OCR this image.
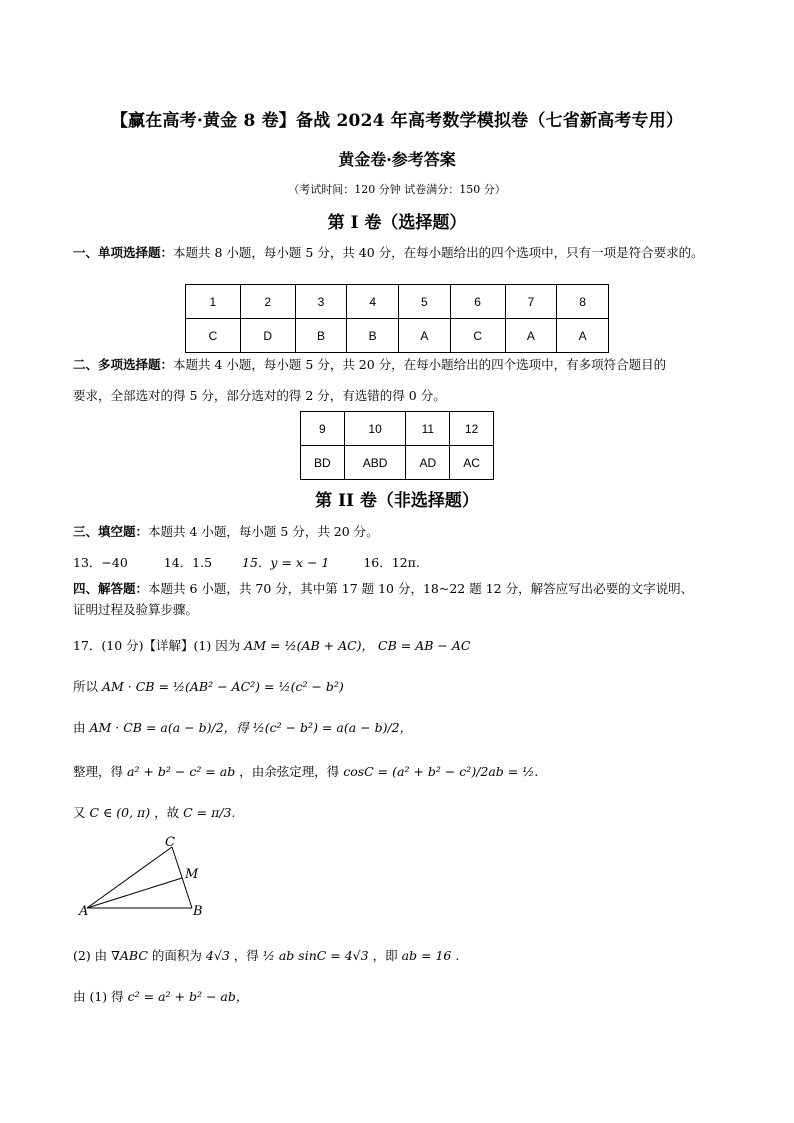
【赢在高考·黄金 8 卷】备战 2024 年高考数学模拟卷（七省新高考专用）
黄金卷·参考答案
（考试时间：120 分钟 试卷满分：150 分）
第 I 卷（选择题）
一、单项选择题：本题共 8 小题，每小题 5 分，共 40 分，在每小题给出的四个选项中，只有一项是符合要求的。
1	2	3	4	5	6	7	8
C	D	B	B	A	C	A	A
二、多项选择题：本题共 4 小题，每小题 5 分，共 20 分，在每小题给出的四个选项中，有多项符合题目的
要求，全部选对的得 5 分，部分选对的得 2 分，有选错的得 0 分。
9	10	11	12
BD	ABD	AD	AC
第 II 卷（非选择题）
三、填空题：本题共 4 小题，每小题 5 分，共 20 分。
13．−40	14．1.5 15．y = x − 1	16．12π.
四、解答题：本题共 6 小题，共 70 分，其中第 17 题 10 分，18~22 题 12 分，解答应写出必要的文字说明、
证明过程及验算步骤。
17．(10 分)【详解】(1) 因为 AM = ½(AB + AC)， CB = AB − AC
所以 AM · CB = ½(AB² − AC²) = ½(c² − b²)
由 AM · CB = a(a − b)/2，得 ½(c² − b²) = a(a − b)/2，
整理，得 a² + b² − c² = ab ，由余弦定理，得 cosC = (a² + b² − c²)/2ab = ½.
又 C ∈ (0, π) ，故 C = π/3.
A	B
C
M
(2) 由 ∇ABC 的面积为 4√3 ，得 ½ ab sinC = 4√3 ，即 ab = 16 .
由 (1) 得 c² = a² + b² − ab，
